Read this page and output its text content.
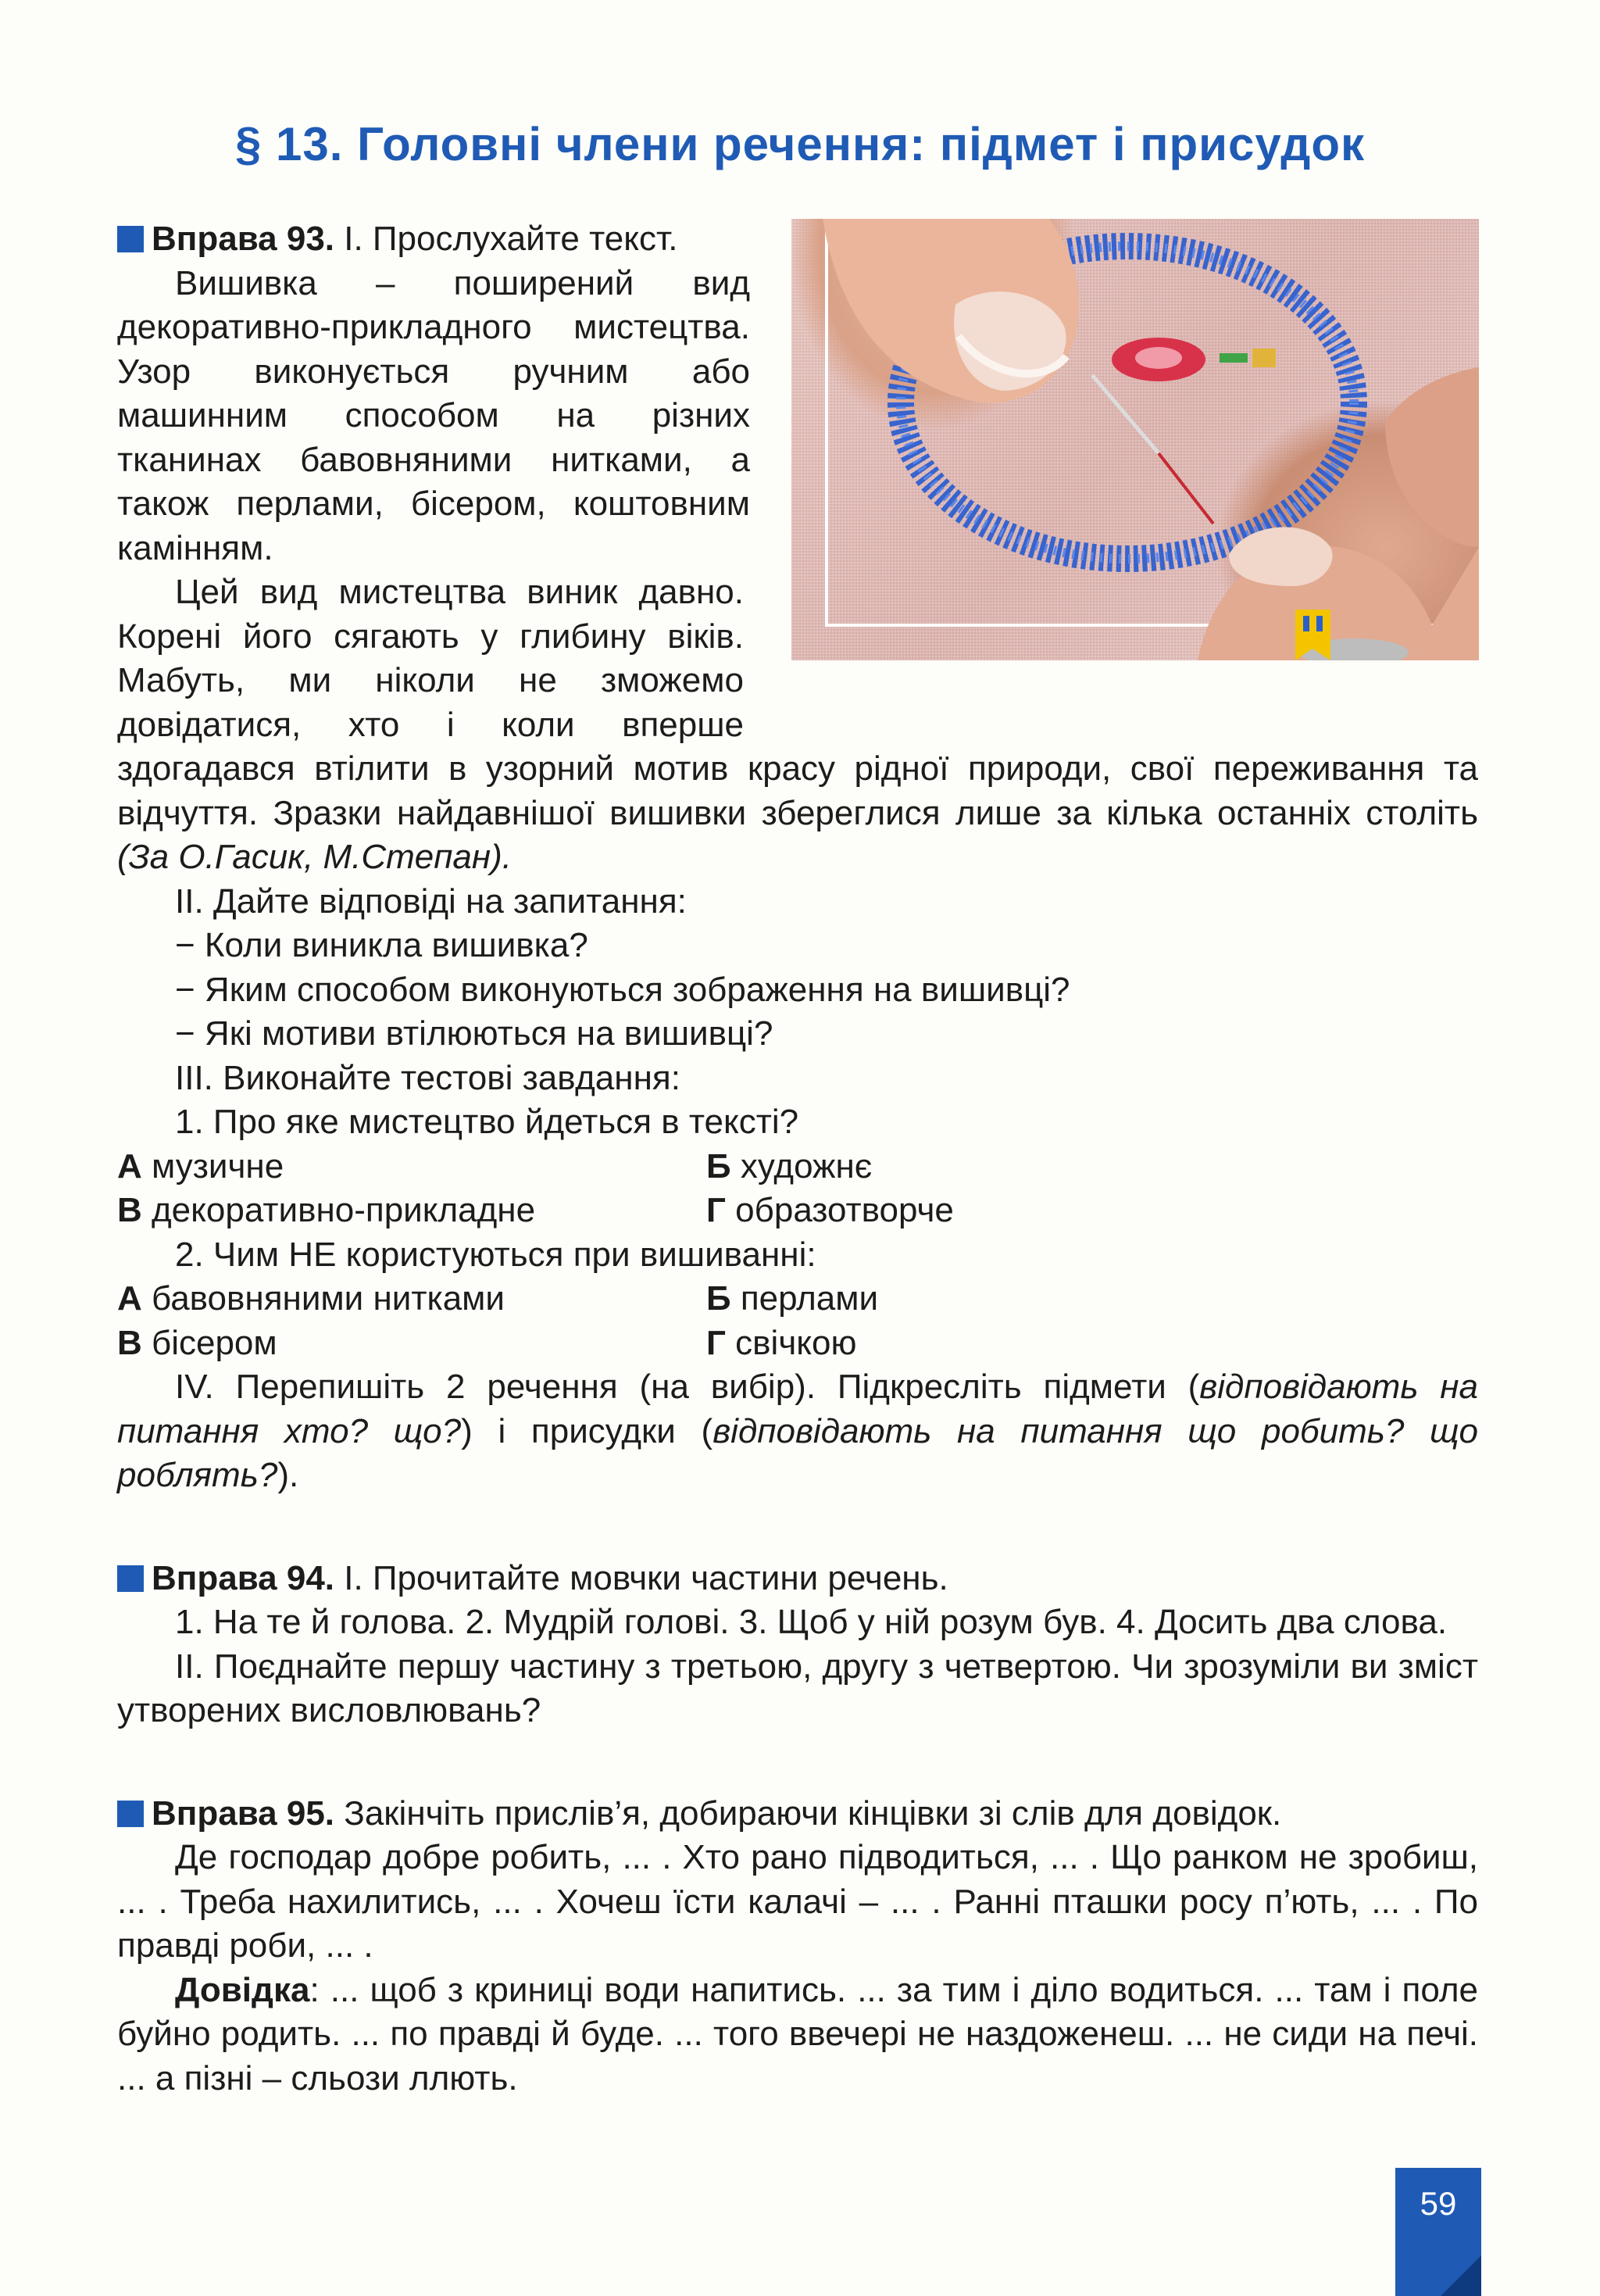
§ 13. Головні члени речення: підмет і присудок

Вправа 93. І. Прослухайте текст.

Вишивка – поширений вид декоративно-прикладного мистецтва. Узор виконується ручним або машинним способом на різних тканинах бавовняними нитками, а також перлами, бісером, коштовним камінням.

Цей вид мистецтва виник давно. Корені його сягають у глибину віків. Мабуть, ми ніколи не зможемо довідатися, хто і коли вперше здогадався втілити в узорний мотив красу рідної природи, свої переживання та відчуття. Зразки найдавнішої вишивки збереглися лише за кілька останніх століть (За О.Гасик, М.Степан).

ІІ. Дайте відповіді на запитання:

− Коли виникла вишивка?

− Яким способом виконуються зображення на вишивці?

− Які мотиви втілюються на вишивці?

ІІІ. Виконайте тестові завдання:

1. Про яке мистецтво йдеться в тексті?

А музичне	Б художнє
В декоративно-прикладне	Г образотворче

2. Чим НЕ користуються при вишиванні:

А бавовняними нитками	Б перлами
В бісером	Г свічкою

ІV. Перепишіть 2 речення (на вибір). Підкресліть підмети (відповідають на питання хто? що?) і присудки (відповідають на питання що робить? що роблять?).

Вправа 94. І. Прочитайте мовчки частини речень.

1. На те й голова. 2. Мудрій голові. 3. Щоб у ній розум був. 4. Досить два слова.

ІІ. Поєднайте першу частину з третьою, другу з четвертою. Чи зрозуміли ви зміст утворених висловлювань?

Вправа 95. Закінчіть прислів’я, добираючи кінцівки зі слів для довідок.

Де господар добре робить, ... . Хто рано підводиться, ... . Що ранком не зробиш, ... . Треба нахилитись, ... . Хочеш їсти калачі – ... . Ранні пташки росу п’ють, ... . По правді роби, ... .

Довідка: ... щоб з криниці води напитись. ... за тим і діло водиться. ... там і поле буйно родить. ... по правді й буде. ... того ввечері не наздоженеш. ... не сиди на печі. ... а пізні – сльози ллють.

59
